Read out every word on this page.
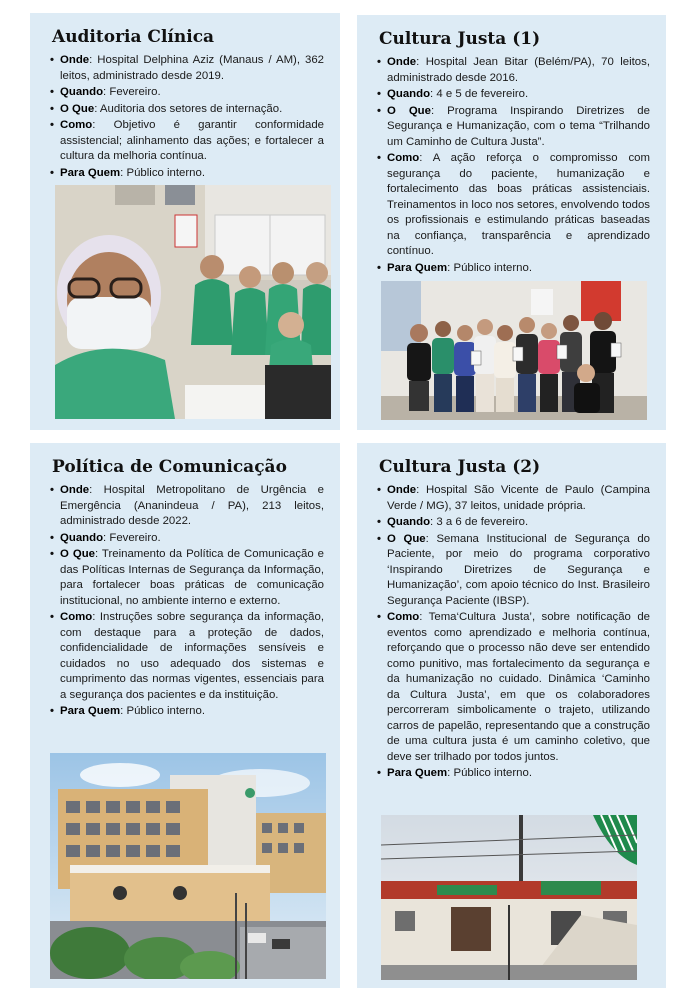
Auditoria Clínica
• Onde: Hospital Delphina Aziz (Manaus / AM), 362 leitos, administrado desde 2019.
• Quando: Fevereiro.
• O Que: Auditoria dos setores de internação.
• Como: Objetivo é garantir conformidade assistencial; alinhamento das ações; e fortalecer a cultura da melhoria contínua.
• Para Quem: Público interno.
Cultura Justa (1)
• Onde: Hospital Jean Bitar (Belém/PA), 70 leitos, administrado desde 2016.
• Quando: 4 e 5 de fevereiro.
• O Que: Programa Inspirando Diretrizes de Segurança e Humanização, com o tema “Trilhando um Caminho de Cultura Justa”.
• Como: A ação reforça o compromisso com segurança do paciente, humanização e fortalecimento das boas práticas assistenciais. Treinamentos in loco nos setores, envolvendo todos os profissionais e estimulando práticas baseadas na confiança, transparência e aprendizado contínuo.
• Para Quem: Público interno.
Política de Comunicação
• Onde: Hospital Metropolitano de Urgência e Emergência (Ananindeua / PA), 213 leitos, administrado desde 2022.
• Quando: Fevereiro.
• O Que: Treinamento da Política de Comunicação e das Políticas Internas de Segurança da Informação, para fortalecer boas práticas de comunicação institucional, no ambiente interno e externo.
• Como: Instruções sobre segurança da informação, com destaque para a proteção de dados, confidencialidade de informações sensíveis e cuidados no uso adequado dos sistemas e cumprimento das normas vigentes, essenciais para a segurança dos pacientes e da instituição.
• Para Quem: Público interno.
Cultura Justa (2)
• Onde: Hospital São Vicente de Paulo (Campina Verde / MG), 37 leitos, unidade própria.
• Quando: 3 a 6 de fevereiro.
• O Que: Semana Institucional de Segurança do Paciente, por meio do programa corporativo ‘Inspirando Diretrizes de Segurança e Humanização’, com apoio técnico do Inst. Brasileiro Segurança Paciente (IBSP).
• Como: Tema‘Cultura Justa’, sobre notificação de eventos como aprendizado e melhoria contínua, reforçando que o processo não deve ser entendido como punitivo, mas fortalecimento da segurança e da humanização no cuidado. Dinâmica ‘Caminho da Cultura Justa’, em que os colaboradores percorreram simbolicamente o trajeto, utilizando carros de papelão, representando que a construção de uma cultura justa é um caminho coletivo, que deve ser trilhado por todos juntos.
• Para Quem: Público interno.
